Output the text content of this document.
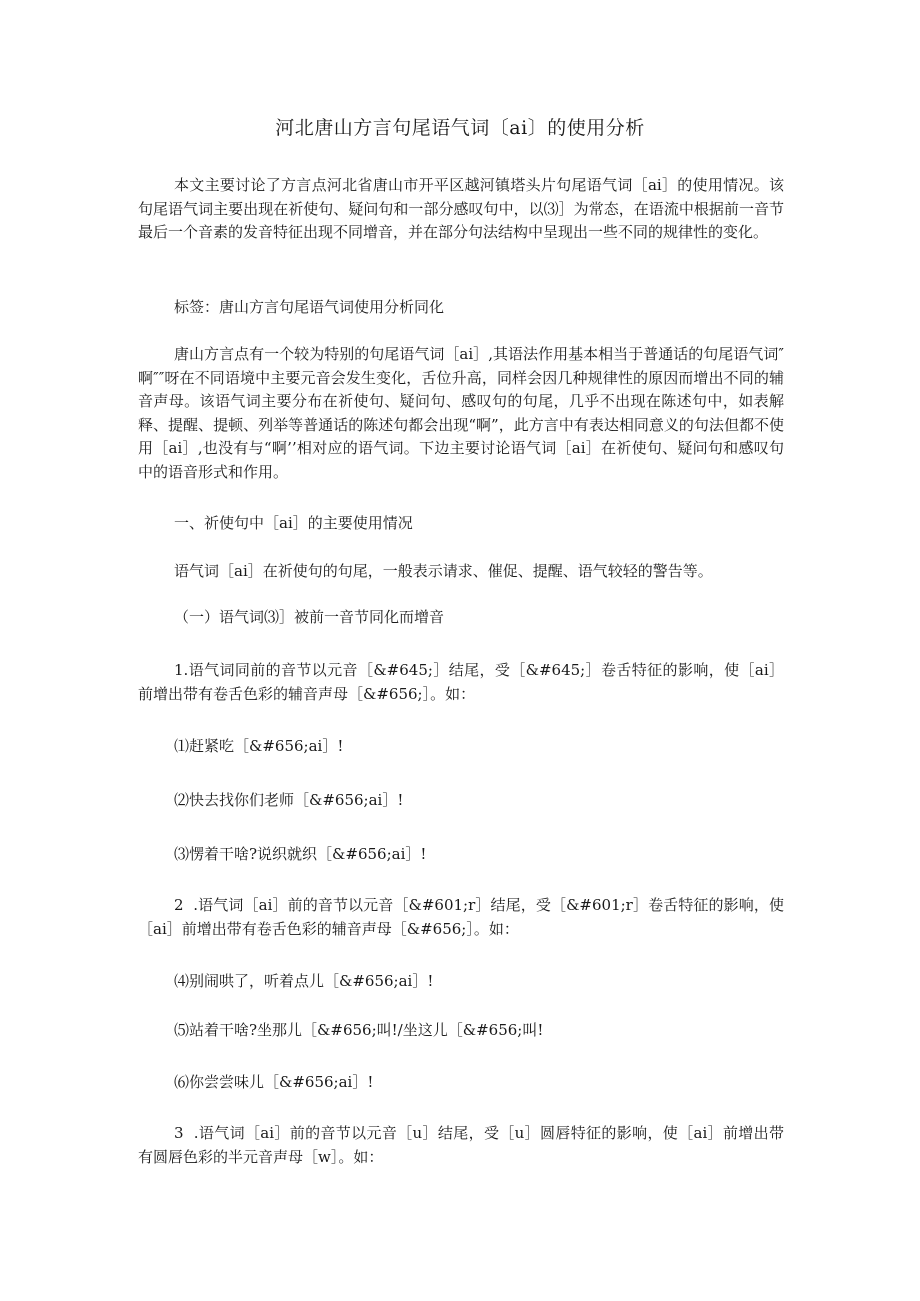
河北唐山方言句尾语气词〔ai〕的使用分析
本文主要讨论了方言点河北省唐山市开平区越河镇塔头片句尾语气词［ai］的使用情况。该句尾语气词主要出现在祈使句、疑问句和一部分感叹句中，以⑶］为常态，在语流中根据前一音节最后一个音素的发音特征出现不同增音，并在部分句法结构中呈现出一些不同的规律性的变化。
标签：唐山方言句尾语气词使用分析同化
唐山方言点有一个较为特别的句尾语气词［ai］,其语法作用基本相当于普通话的句尾语气词″啊″″呀在不同语境中主要元音会发生变化，舌位升高，同样会因几种规律性的原因而增出不同的辅音声母。该语气词主要分布在祈使句、疑问句、感叹句的句尾，几乎不出现在陈述句中，如表解释、提醒、提顿、列举等普通话的陈述句都会出现“啊”，此方言中有表达相同意义的句法但都不使用［ai］,也没有与“啊’’相对应的语气词。下边主要讨论语气词［ai］在祈使句、疑问句和感叹句中的语音形式和作用。
一、祈使句中［ai］的主要使用情况
语气词［ai］在祈使句的句尾，一般表示请求、催促、提醒、语气较轻的警告等。
（一）语气词⑶］被前一音节同化而增音
1.语气词同前的音节以元音［&#645;］结尾，受［&#645;］卷舌特征的影响，使［ai］前增出带有卷舌色彩的辅音声母［&#656;］。如：
⑴赶紧吃［&#656;ai］!
⑵快去找你们老师［&#656;ai］!
⑶愣着干啥?说织就织［&#656;ai］!
2  .语气词［ai］前的音节以元音［&#601;r］结尾，受［&#601;r］卷舌特征的影响，使［ai］前增出带有卷舌色彩的辅音声母［&#656;］。如：
⑷别闹哄了，听着点儿［&#656;ai］!
⑸站着干啥?坐那儿［&#656;叫!/坐这儿［&#656;叫!
⑹你尝尝味儿［&#656;ai］!
3  .语气词［ai］前的音节以元音［u］结尾，受［u］圆唇特征的影响，使［ai］前增出带有圆唇色彩的半元音声母［w］。如：
